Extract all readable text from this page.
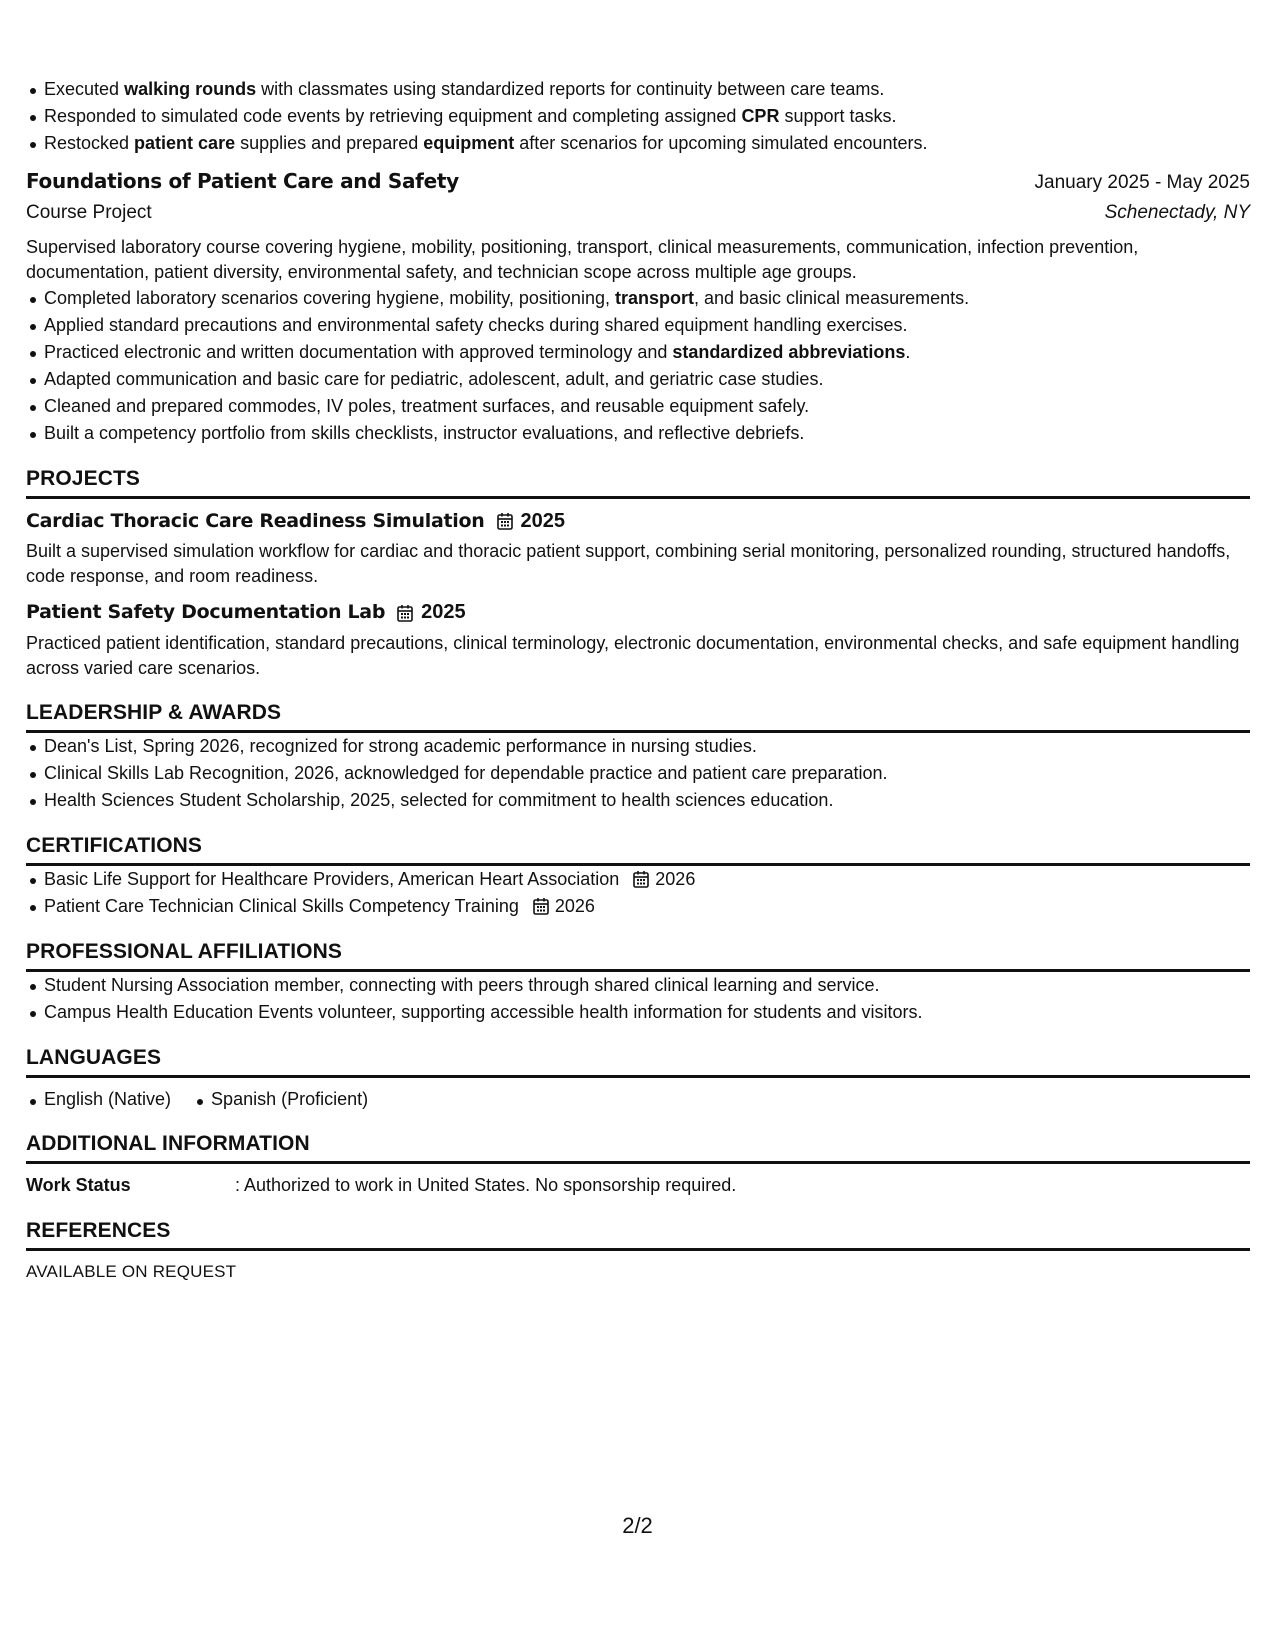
Executed walking rounds with classmates using standardized reports for continuity between care teams.
Responded to simulated code events by retrieving equipment and completing assigned CPR support tasks.
Restocked patient care supplies and prepared equipment after scenarios for upcoming simulated encounters.
Foundations of Patient Care and Safety	January 2025 - May 2025
Course Project	Schenectady, NY
Supervised laboratory course covering hygiene, mobility, positioning, transport, clinical measurements, communication, infection prevention, documentation, patient diversity, environmental safety, and technician scope across multiple age groups.
Completed laboratory scenarios covering hygiene, mobility, positioning, transport, and basic clinical measurements.
Applied standard precautions and environmental safety checks during shared equipment handling exercises.
Practiced electronic and written documentation with approved terminology and standardized abbreviations.
Adapted communication and basic care for pediatric, adolescent, adult, and geriatric case studies.
Cleaned and prepared commodes, IV poles, treatment surfaces, and reusable equipment safely.
Built a competency portfolio from skills checklists, instructor evaluations, and reflective debriefs.
PROJECTS
Cardiac Thoracic Care Readiness Simulation 2025
Built a supervised simulation workflow for cardiac and thoracic patient support, combining serial monitoring, personalized rounding, structured handoffs, code response, and room readiness.
Patient Safety Documentation Lab 2025
Practiced patient identification, standard precautions, clinical terminology, electronic documentation, environmental checks, and safe equipment handling across varied care scenarios.
LEADERSHIP & AWARDS
Dean's List, Spring 2026, recognized for strong academic performance in nursing studies.
Clinical Skills Lab Recognition, 2026, acknowledged for dependable practice and patient care preparation.
Health Sciences Student Scholarship, 2025, selected for commitment to health sciences education.
CERTIFICATIONS
Basic Life Support for Healthcare Providers, American Heart Association 2026
Patient Care Technician Clinical Skills Competency Training 2026
PROFESSIONAL AFFILIATIONS
Student Nursing Association member, connecting with peers through shared clinical learning and service.
Campus Health Education Events volunteer, supporting accessible health information for students and visitors.
LANGUAGES
English (Native) Spanish (Proficient)
ADDITIONAL INFORMATION
Work Status	: Authorized to work in United States. No sponsorship required.
REFERENCES
AVAILABLE ON REQUEST
2/2
